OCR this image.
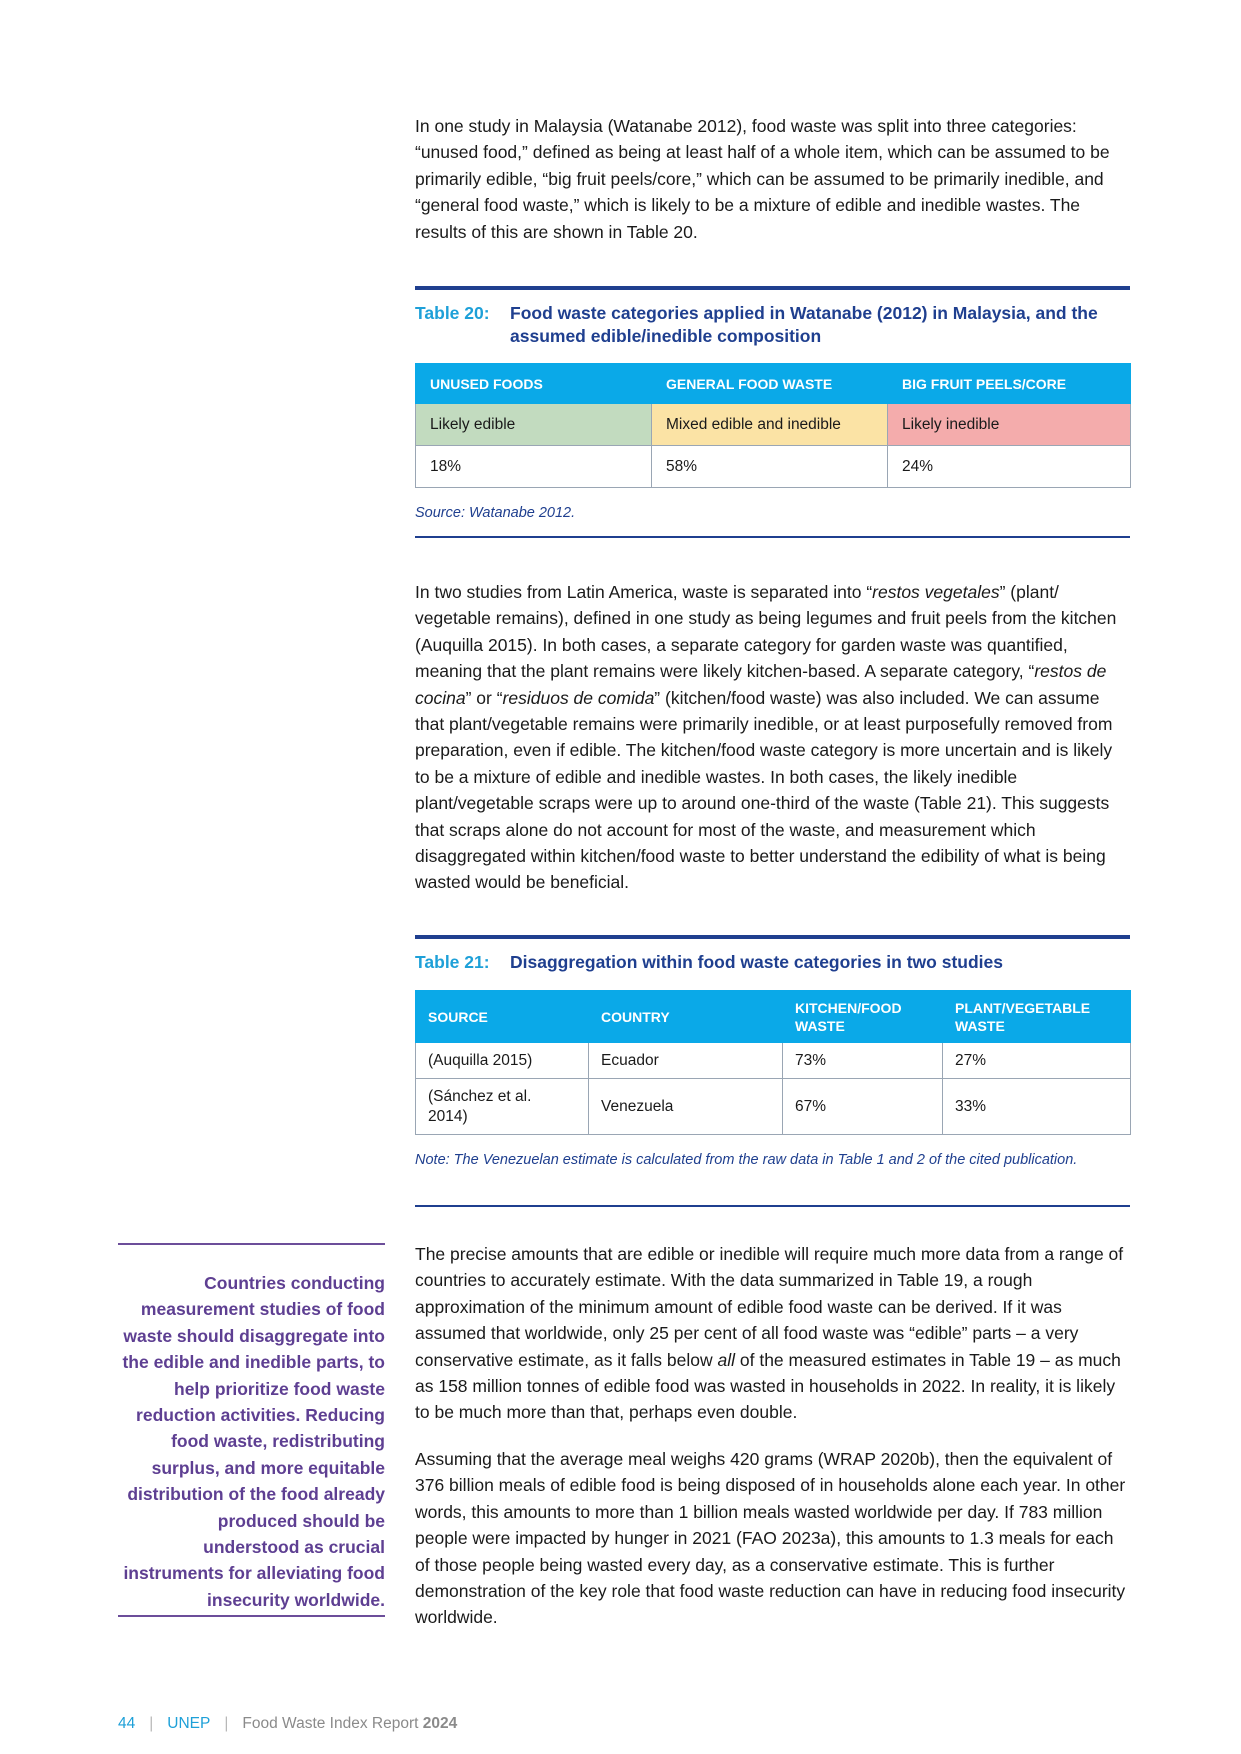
In one study in Malaysia (Watanabe 2012), food waste was split into three categories: “unused food,” defined as being at least half of a whole item, which can be assumed to be primarily edible, “big fruit peels/core,” which can be assumed to be primarily inedible, and “general food waste,” which is likely to be a mixture of edible and inedible wastes. The results of this are shown in Table 20.

Table 20: Food waste categories applied in Watanabe (2012) in Malaysia, and the assumed edible/inedible composition
UNUSED FOODS	GENERAL FOOD WASTE	BIG FRUIT PEELS/CORE
Likely edible	Mixed edible and inedible	Likely inedible
18%	58%	24%

Source: Watanabe 2012.

In two studies from Latin America, waste is separated into “restos vegetales” (plant/ vegetable remains), defined in one study as being legumes and fruit peels from the kitchen (Auquilla 2015). In both cases, a separate category for garden waste was quantified, meaning that the plant remains were likely kitchen-based. A separate category, “restos de cocina” or “residuos de comida” (kitchen/food waste) was also included. We can assume that plant/vegetable remains were primarily inedible, or at least purposefully removed from preparation, even if edible. The kitchen/food waste category is more uncertain and is likely to be a mixture of edible and inedible wastes. In both cases, the likely inedible plant/vegetable scraps were up to around one-third of the waste (Table 21). This suggests that scraps alone do not account for most of the waste, and measurement which disaggregated within kitchen/food waste to better understand the edibility of what is being wasted would be beneficial.

Table 21: Disaggregation within food waste categories in two studies
SOURCE	COUNTRY	KITCHEN/FOOD WASTE	PLANT/VEGETABLE WASTE
(Auquilla 2015)	Ecuador	73%	27%
(Sánchez et al. 2014)	Venezuela	67%	33%

Note: The Venezuelan estimate is calculated from the raw data in Table 1 and 2 of the cited publication.

Countries conducting measurement studies of food waste should disaggregate into the edible and inedible parts, to help prioritize food waste reduction activities. Reducing food waste, redistributing surplus, and more equitable distribution of the food already produced should be understood as crucial instruments for alleviating food insecurity worldwide.

The precise amounts that are edible or inedible will require much more data from a range of countries to accurately estimate. With the data summarized in Table 19, a rough approximation of the minimum amount of edible food waste can be derived. If it was assumed that worldwide, only 25 per cent of all food waste was “edible” parts – a very conservative estimate, as it falls below all of the measured estimates in Table 19 – as much as 158 million tonnes of edible food was wasted in households in 2022. In reality, it is likely to be much more than that, perhaps even double.

Assuming that the average meal weighs 420 grams (WRAP 2020b), then the equivalent of 376 billion meals of edible food is being disposed of in households alone each year. In other words, this amounts to more than 1 billion meals wasted worldwide per day. If 783 million people were impacted by hunger in 2021 (FAO 2023a), this amounts to 1.3 meals for each of those people being wasted every day, as a conservative estimate. This is further demonstration of the key role that food waste reduction can have in reducing food insecurity worldwide.

44 | UNEP | Food Waste Index Report 2024
